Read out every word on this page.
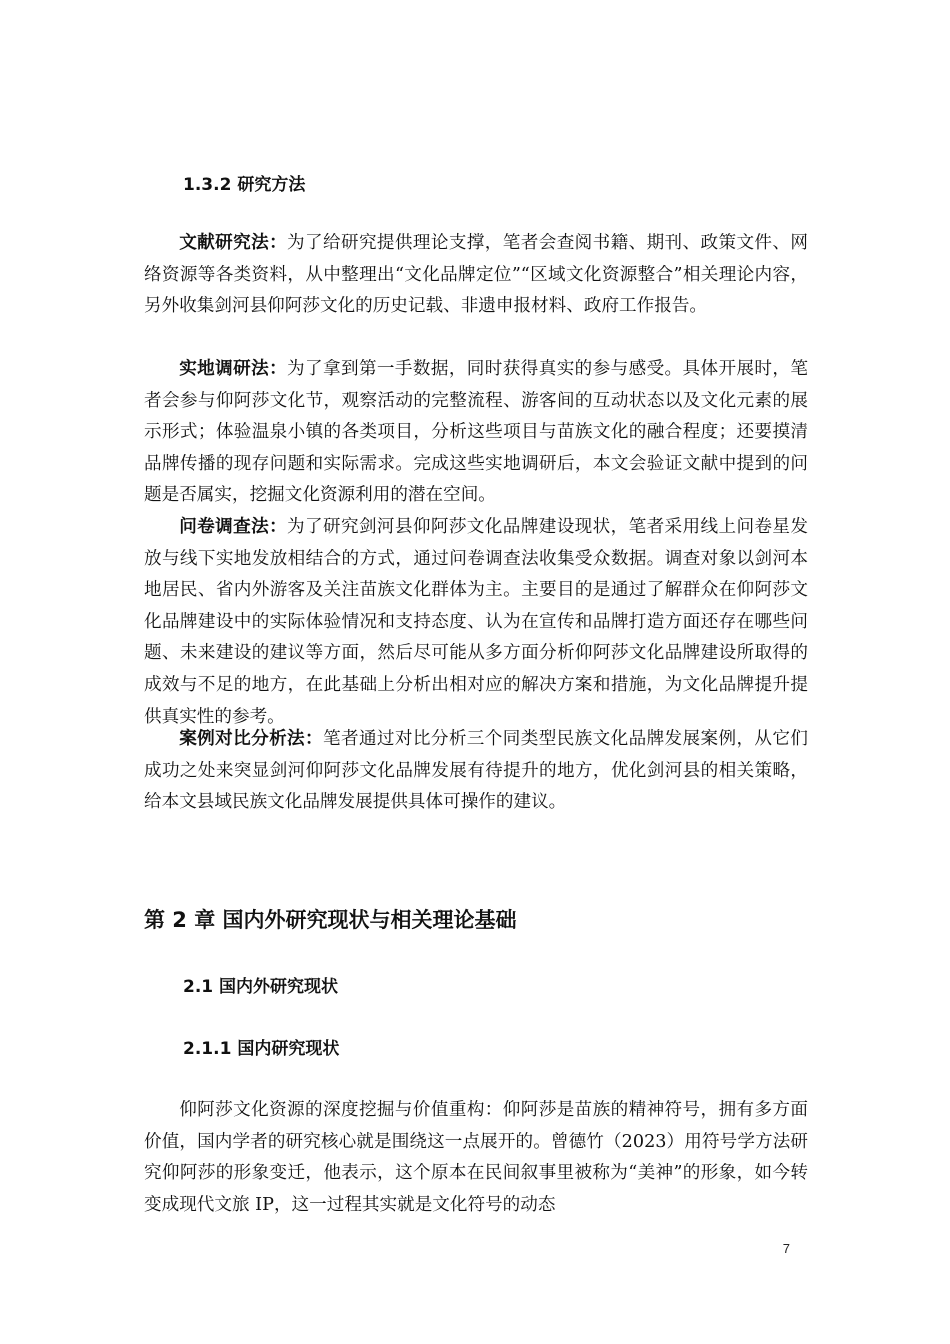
1.3.2 研究方法

文献研究法：为了给研究提供理论支撑，笔者会查阅书籍、期刊、政策文件、网络资源等各类资料，从中整理出“文化品牌定位”“区域文化资源整合”相关理论内容，另外收集剑河县仰阿莎文化的历史记载、非遗申报材料、政府工作报告。

实地调研法：为了拿到第一手数据，同时获得真实的参与感受。具体开展时，笔者会参与仰阿莎文化节，观察活动的完整流程、游客间的互动状态以及文化元素的展示形式；体验温泉小镇的各类项目，分析这些项目与苗族文化的融合程度；还要摸清品牌传播的现存问题和实际需求。完成这些实地调研后，本文会验证文献中提到的问题是否属实，挖掘文化资源利用的潜在空间。

问卷调查法：为了研究剑河县仰阿莎文化品牌建设现状，笔者采用线上问卷星发放与线下实地发放相结合的方式，通过问卷调查法收集受众数据。调查对象以剑河本地居民、省内外游客及关注苗族文化群体为主。主要目的是通过了解群众在仰阿莎文化品牌建设中的实际体验情况和支持态度、认为在宣传和品牌打造方面还存在哪些问题、未来建设的建议等方面，然后尽可能从多方面分析仰阿莎文化品牌建设所取得的成效与不足的地方，在此基础上分析出相对应的解决方案和措施，为文化品牌提升提供真实性的参考。

案例对比分析法：笔者通过对比分析三个同类型民族文化品牌发展案例，从它们成功之处来突显剑河仰阿莎文化品牌发展有待提升的地方，优化剑河县的相关策略，给本文县域民族文化品牌发展提供具体可操作的建议。

第 2 章 国内外研究现状与相关理论基础
2.1 国内外研究现状
2.1.1 国内研究现状

仰阿莎文化资源的深度挖掘与价值重构：仰阿莎是苗族的精神符号，拥有多方面价值，国内学者的研究核心就是围绕这一点展开的。曾德竹（2023）用符号学方法研究仰阿莎的形象变迁，他表示，这个原本在民间叙事里被称为“美神”的形象，如今转变成现代文旅 IP，这一过程其实就是文化符号的动态

7
